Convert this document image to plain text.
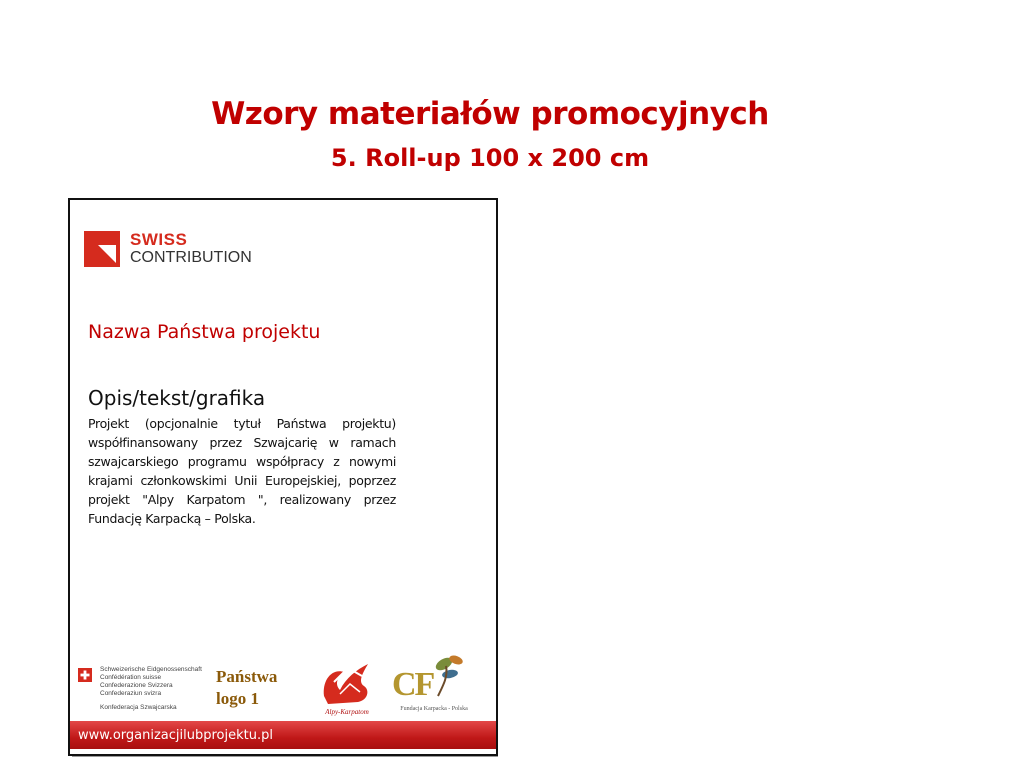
Wzory materiałów promocyjnych
5. Roll-up 100 x 200 cm
SWISS
CONTRIBUTION
Nazwa Państwa projektu
Opis/tekst/grafika
Projekt (opcjonalnie tytuł Państwa projektu) współfinansowany przez Szwajcarię w ramach szwajcarskiego programu współpracy z nowymi krajami członkowskimi Unii Europejskiej, poprzez projekt "Alpy Karpatom ", realizowany przez Fundację Karpacką – Polska.
Schweizerische Eidgenossenschaft
Confédération suisse
Confederazione Svizzera
Confederaziun svizra
Konfederacja Szwajcarska
Państwa
logo 1
Alpy-Karpatom
CF
Fundacja Karpacka - Polska
www.organizacjilubprojektu.pl
